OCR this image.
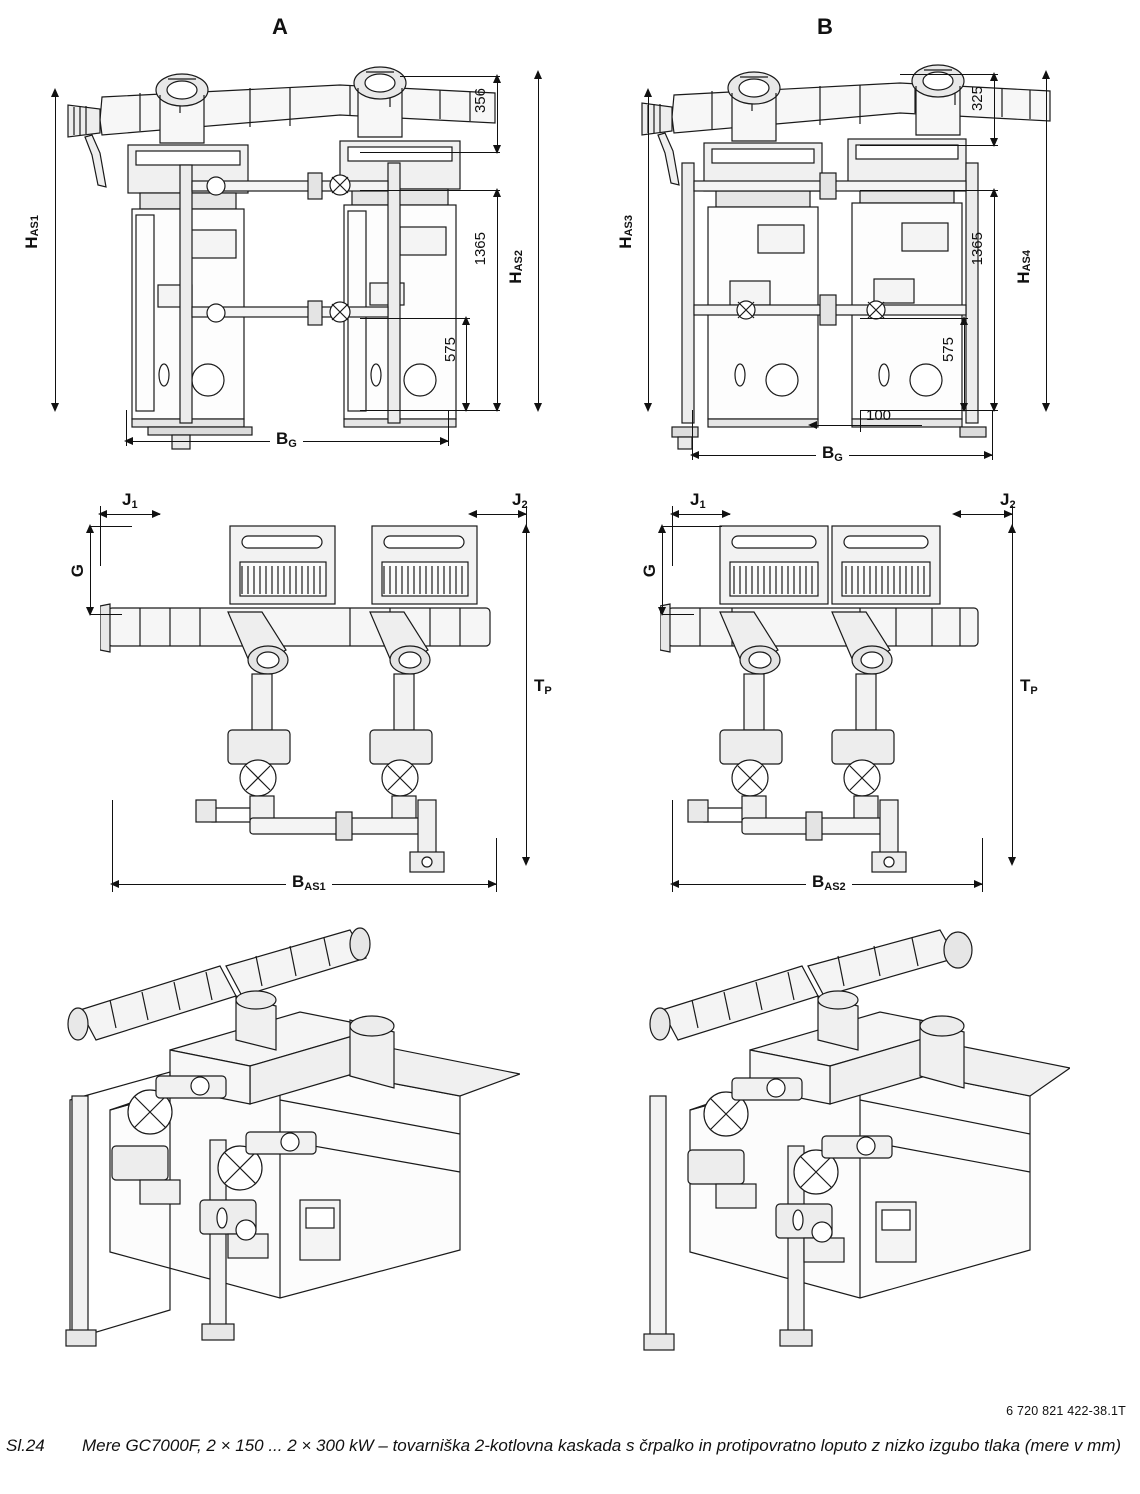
A	B
$H_{AS1}$
356
1365
575
$H_{AS2}$
$B_G$
$H_{AS3}$
325
1365
575
$H_{AS4}$
100
$B_G$
$J_1$	$J_2$
G
$T_P$
$B_{AS1}$
$J_1$	$J_2$
G
$T_P$
$B_{AS2}$
6 720 821 422-38.1T
Sl.24 Mere GC7000F, 2 × 150 ... 2 × 300 kW – tovarniška 2-kotlovna kaskada s črpalko in protipovratno loputo z nizko izgubo tlaka (mere v mm)
